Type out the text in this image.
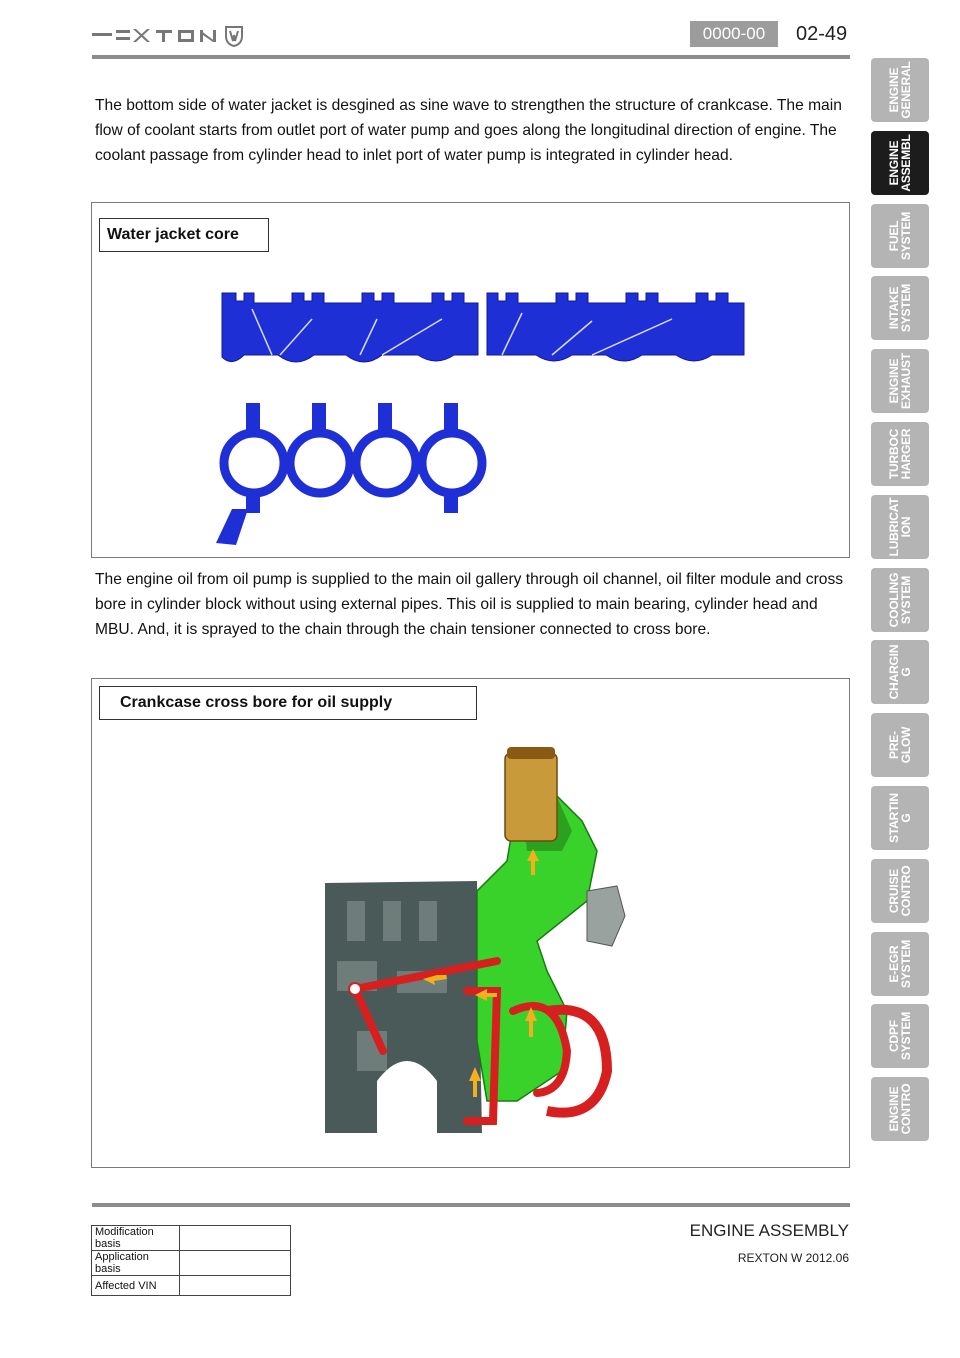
0000-00	02-49

The bottom side of water jacket is desgined as sine wave to strengthen the structure of crankcase. The main flow of coolant starts from outlet port of water pump and goes along the longitudinal direction of engine. The coolant passage from cylinder head to inlet port of water pump is integrated in cylinder head.

Water jacket core

The engine oil from oil pump is supplied to the main oil gallery through oil channel, oil filter module and cross bore in cylinder block without using external pipes. This oil is supplied to main bearing, cylinder head and MBU. And, it is sprayed to the chain through the chain tensioner connected to cross bore.

Crankcase cross bore for oil supply
ENGINE
GENERAL
ENGINE
ASSEMBL
FUEL
SYSTEM
INTAKE
SYSTEM
ENGINE
EXHAUST
TURBOC
HARGER
LUBRICAT
ION
COOLING
SYSTEM
CHARGIN
G
PRE-
GLOW
STARTIN
G
CRUISE
CONTRO
E-EGR
SYSTEM
CDPF
SYSTEM
ENGINE
CONTRO
Modification basis	
Application basis	
Affected VIN	
ENGINE ASSEMBLY
REXTON W 2012.06
